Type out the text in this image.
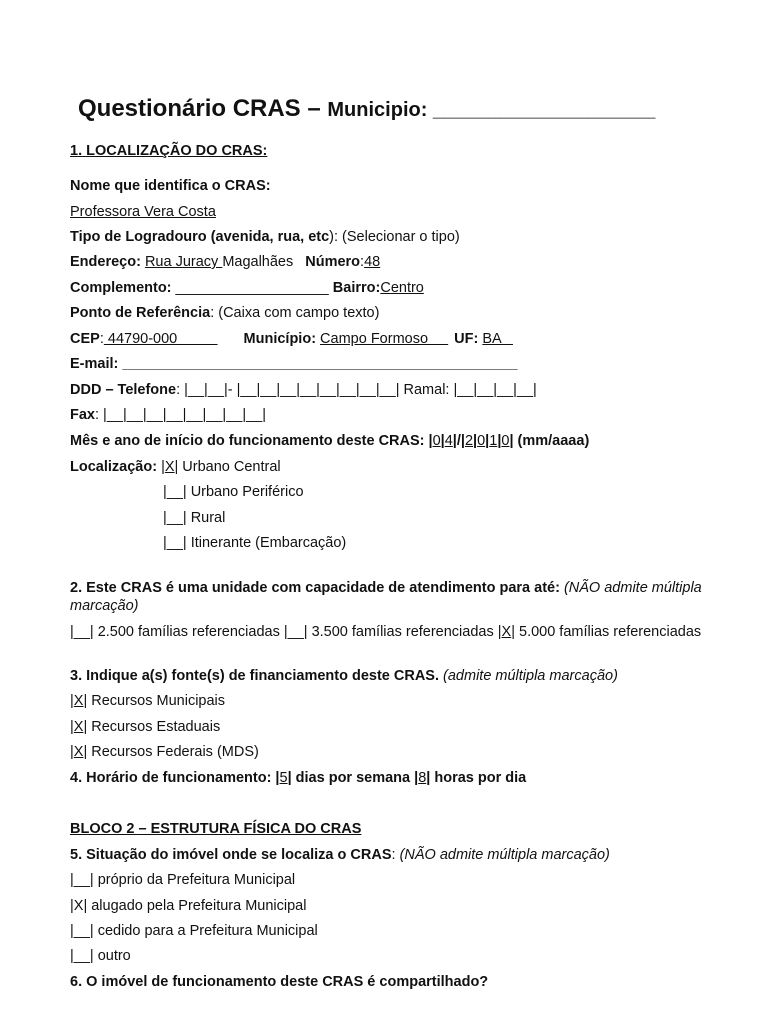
Questionário CRAS – Municipio: ____________________
1. LOCALIZAÇÃO DO CRAS:
Nome que identifica o CRAS:
Professora Vera Costa
Tipo de Logradouro (avenida, rua, etc): (Selecionar o tipo)
Endereço: Rua Juracy Magalhães Número:48
Complemento: ___________________ Bairro:Centro
Ponto de Referência: (Caixa com campo texto)
CEP: 44790-000          Município: Campo Formoso     UF: BA
E-mail: _________________________________________________
DDD – Telefone: |__|__|- |__|__|__|__|__|__|__|__| Ramal: |__|__|__|__|
Fax: |__|__|__|__|__|__|__|__|
Mês e ano de início do funcionamento deste CRAS: |0|4|/|2|0|1|0| (mm/aaaa)
Localização: |X| Urbano Central
|__| Urbano Periférico
|__| Rural
|__| Itinerante (Embarcação)
2. Este CRAS é uma unidade com capacidade de atendimento para até: (NÃO admite múltipla marcação)
|__| 2.500 famílias referenciadas |__| 3.500 famílias referenciadas |X| 5.000 famílias referenciadas
3. Indique a(s) fonte(s) de financiamento deste CRAS. (admite múltipla marcação)
|X| Recursos Municipais
|X| Recursos Estaduais
|X| Recursos Federais (MDS)
4. Horário de funcionamento: |5| dias por semana |8| horas por dia
BLOCO 2 – ESTRUTURA FÍSICA DO CRAS
5. Situação do imóvel onde se localiza o CRAS: (NÃO admite múltipla marcação)
|__| próprio da Prefeitura Municipal
|X| alugado pela Prefeitura Municipal
|__| cedido para a Prefeitura Municipal
|__| outro
6. O imóvel de funcionamento deste CRAS é compartilhado?
